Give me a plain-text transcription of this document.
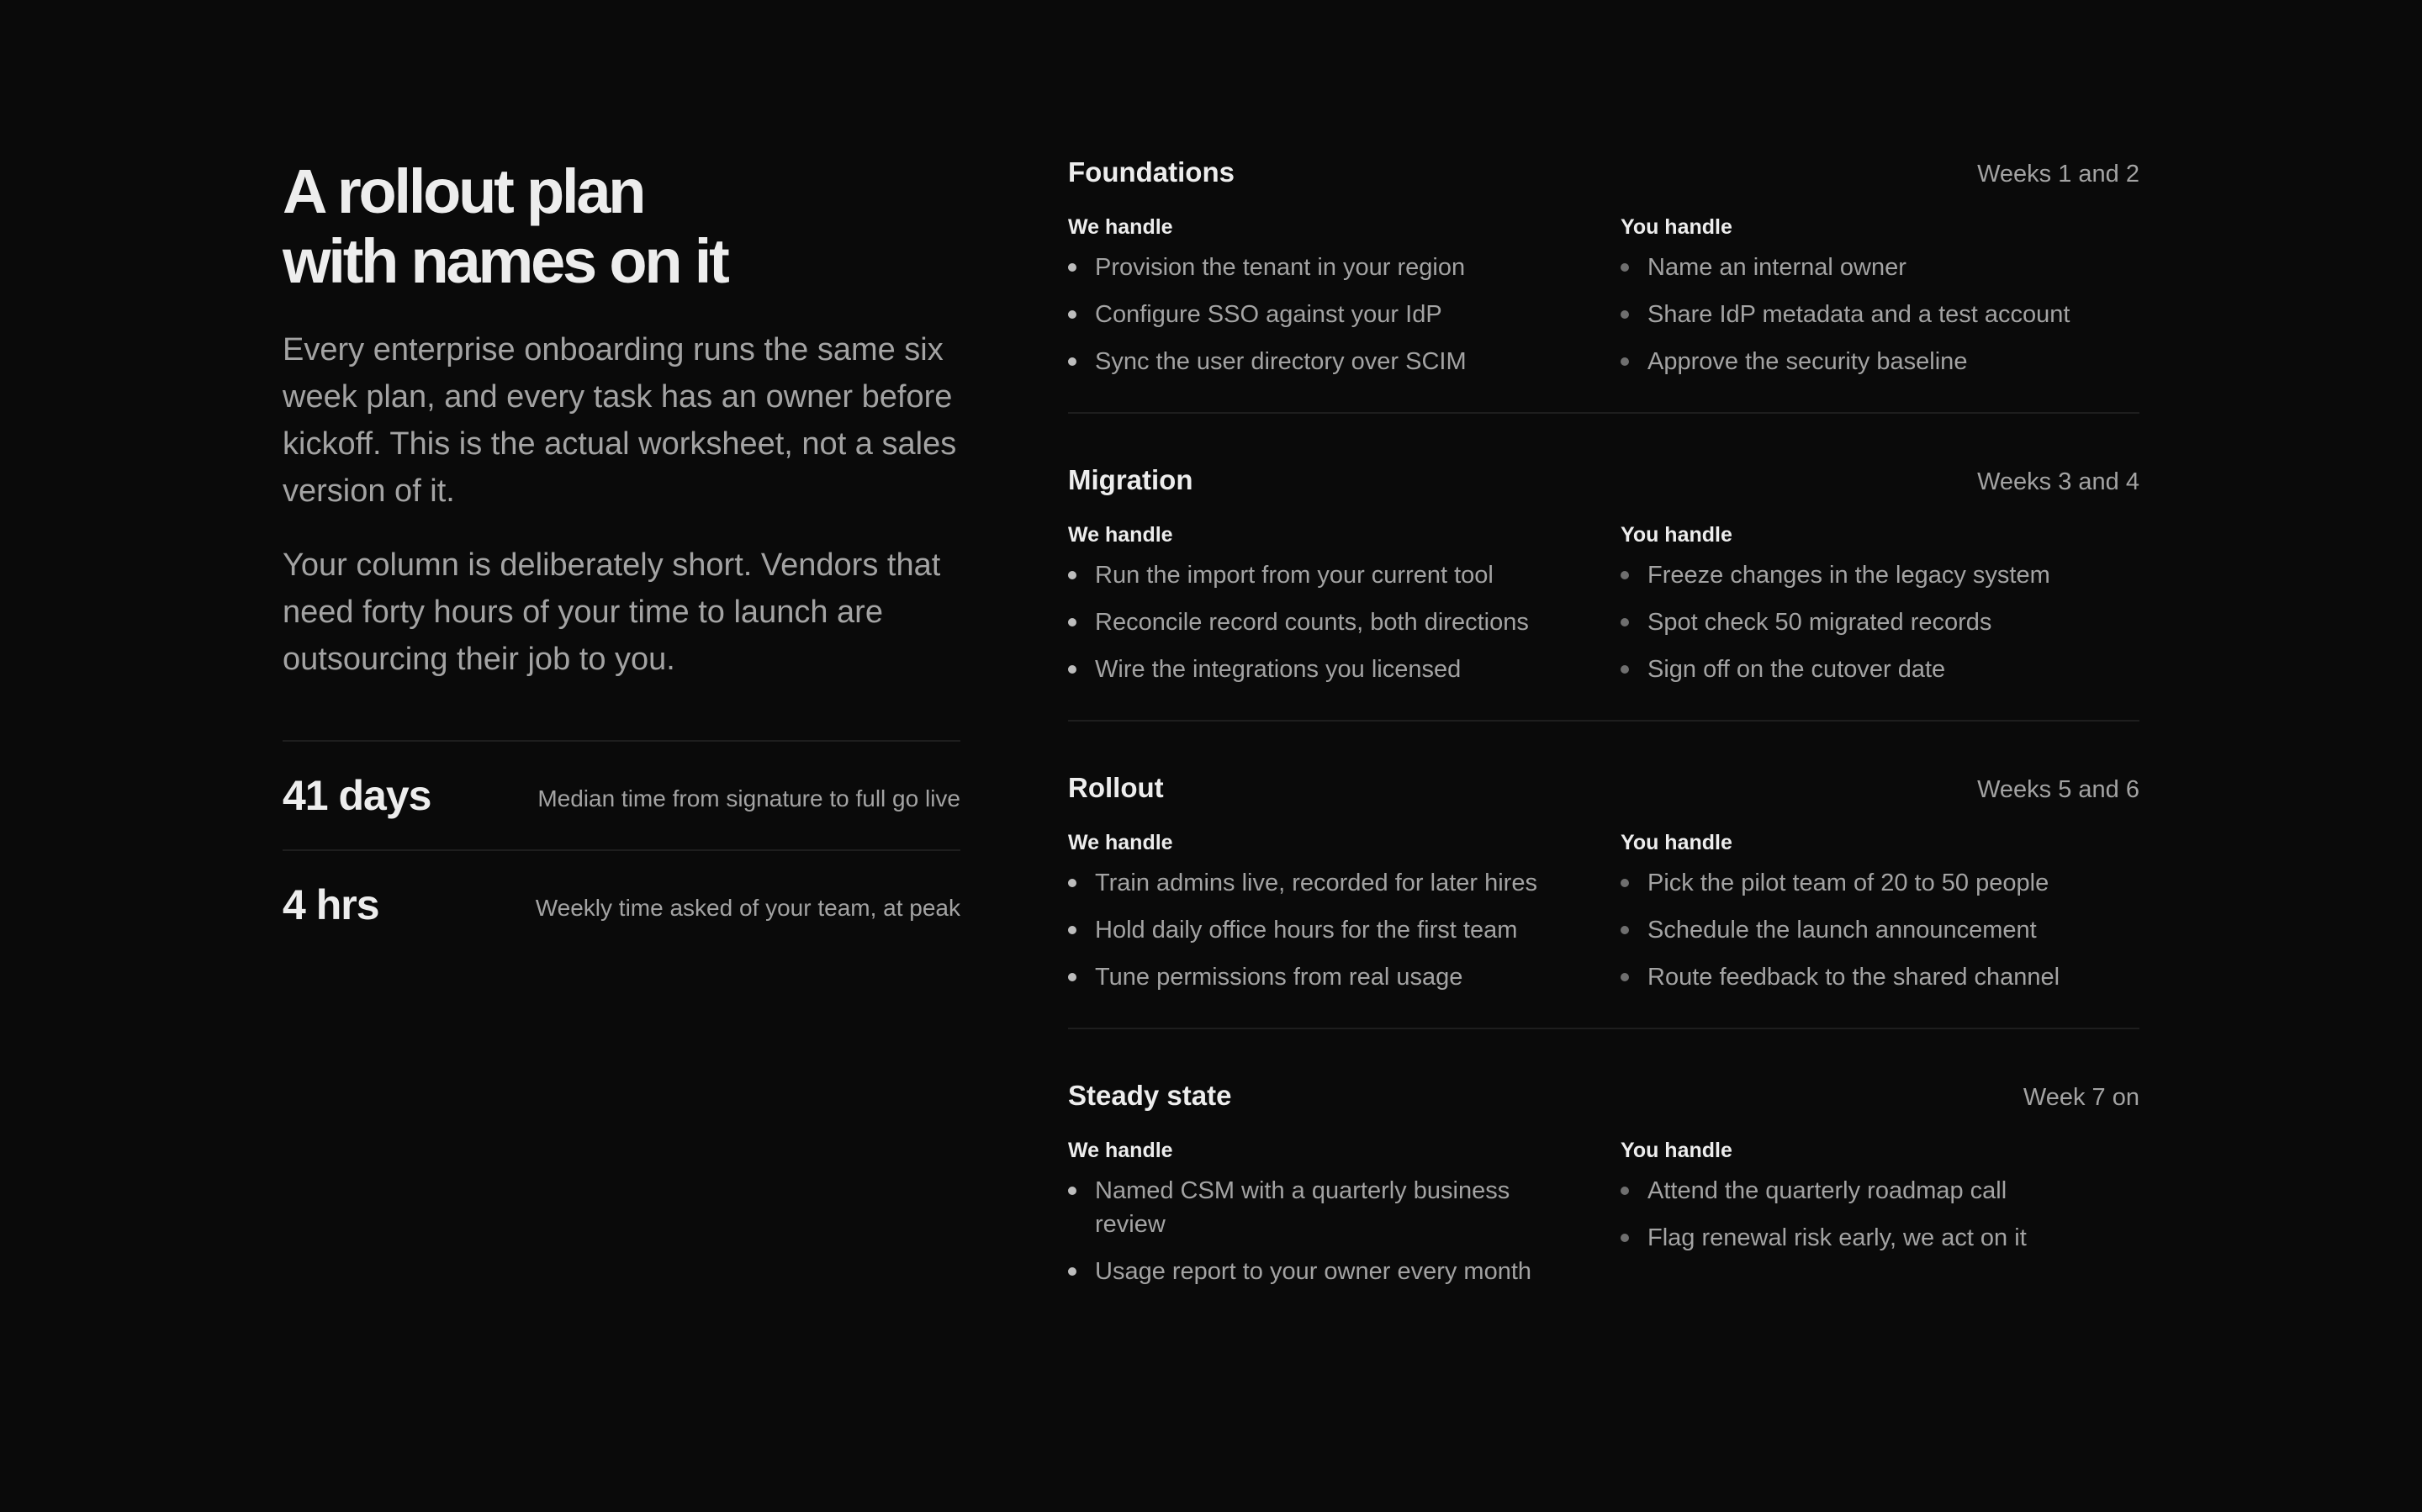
A rollout plan
with names on it

Every enterprise onboarding runs the same six week plan, and every task has an owner before kickoff. This is the actual worksheet, not a sales version of it.

Your column is deliberately short. Vendors that need forty hours of your time to launch are outsourcing their job to you.

41 days	Median time from signature to full go live
4 hrs	Weekly time asked of your team, at peak
Foundations	Weeks 1 and 2
We handle
Provision the tenant in your region
Configure SSO against your IdP
Sync the user directory over SCIM
You handle
Name an internal owner
Share IdP metadata and a test account
Approve the security baseline
Migration	Weeks 3 and 4
We handle
Run the import from your current tool
Reconcile record counts, both directions
Wire the integrations you licensed
You handle
Freeze changes in the legacy system
Spot check 50 migrated records
Sign off on the cutover date
Rollout	Weeks 5 and 6
We handle
Train admins live, recorded for later hires
Hold daily office hours for the first team
Tune permissions from real usage
You handle
Pick the pilot team of 20 to 50 people
Schedule the launch announcement
Route feedback to the shared channel
Steady state	Week 7 on
We handle
Named CSM with a quarterly business review
Usage report to your owner every month
You handle
Attend the quarterly roadmap call
Flag renewal risk early, we act on it
